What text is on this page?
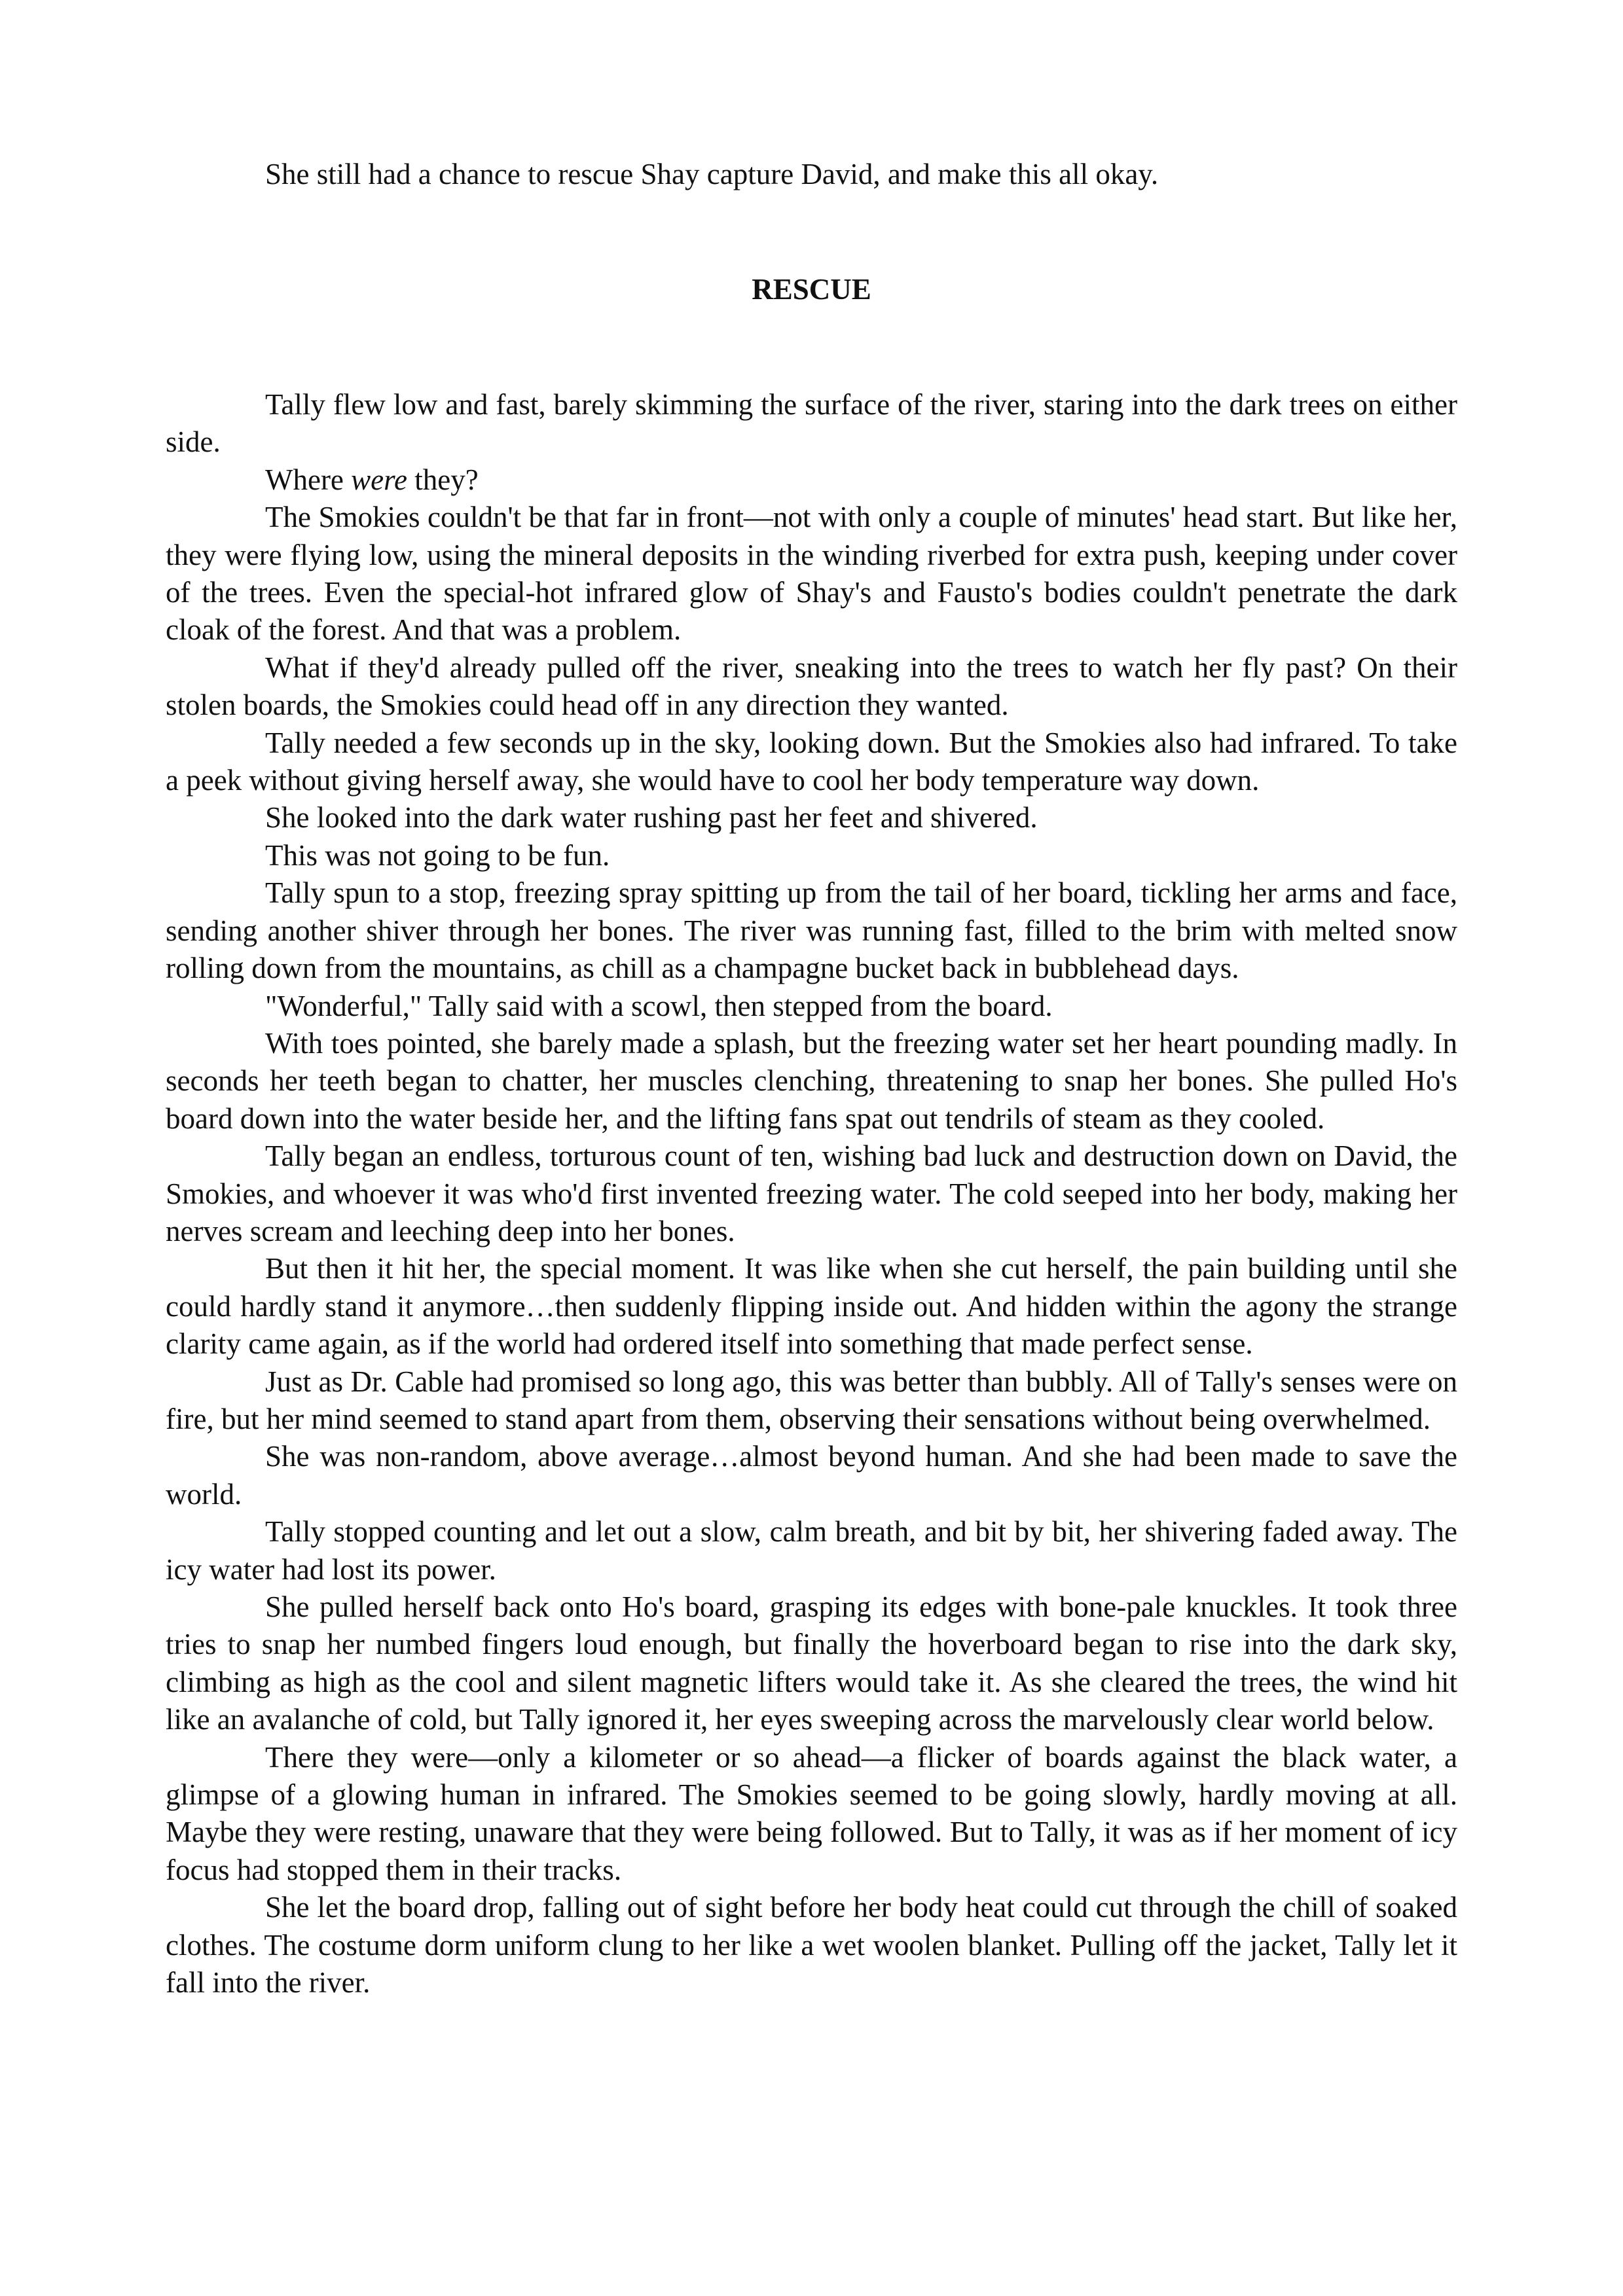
She still had a chance to rescue Shay capture David, and make this all okay.

RESCUE

Tally flew low and fast, barely skimming the surface of the river, staring into the dark trees on either side.

Where were they?

The Smokies couldn't be that far in front—not with only a couple of minutes' head start. But like her, they were flying low, using the mineral deposits in the winding riverbed for extra push, keeping under cover of the trees. Even the special-hot infrared glow of Shay's and Fausto's bodies couldn't penetrate the dark cloak of the forest. And that was a problem.

What if they'd already pulled off the river, sneaking into the trees to watch her fly past? On their stolen boards, the Smokies could head off in any direction they wanted.

Tally needed a few seconds up in the sky, looking down. But the Smokies also had infrared. To take a peek without giving herself away, she would have to cool her body temperature way down.

She looked into the dark water rushing past her feet and shivered.

This was not going to be fun.

Tally spun to a stop, freezing spray spitting up from the tail of her board, tickling her arms and face, sending another shiver through her bones. The river was running fast, filled to the brim with melted snow rolling down from the mountains, as chill as a champagne bucket back in bubblehead days.

"Wonderful," Tally said with a scowl, then stepped from the board.

With toes pointed, she barely made a splash, but the freezing water set her heart pounding madly. In seconds her teeth began to chatter, her muscles clenching, threatening to snap her bones. She pulled Ho's board down into the water beside her, and the lifting fans spat out tendrils of steam as they cooled.

Tally began an endless, torturous count of ten, wishing bad luck and destruction down on David, the Smokies, and whoever it was who'd first invented freezing water. The cold seeped into her body, making her nerves scream and leeching deep into her bones.

But then it hit her, the special moment. It was like when she cut herself, the pain building until she could hardly stand it anymore…then suddenly flipping inside out. And hidden within the agony the strange clarity came again, as if the world had ordered itself into something that made perfect sense.

Just as Dr. Cable had promised so long ago, this was better than bubbly. All of Tally's senses were on fire, but her mind seemed to stand apart from them, observing their sensations without being overwhelmed.

She was non-random, above average…almost beyond human. And she had been made to save the world.

Tally stopped counting and let out a slow, calm breath, and bit by bit, her shivering faded away. The icy water had lost its power.

She pulled herself back onto Ho's board, grasping its edges with bone-pale knuckles. It took three tries to snap her numbed fingers loud enough, but finally the hoverboard began to rise into the dark sky, climbing as high as the cool and silent magnetic lifters would take it. As she cleared the trees, the wind hit like an avalanche of cold, but Tally ignored it, her eyes sweeping across the marvelously clear world below.

There they were—only a kilometer or so ahead—a flicker of boards against the black water, a glimpse of a glowing human in infrared. The Smokies seemed to be going slowly, hardly moving at all. Maybe they were resting, unaware that they were being followed. But to Tally, it was as if her moment of icy focus had stopped them in their tracks.

She let the board drop, falling out of sight before her body heat could cut through the chill of soaked clothes. The costume dorm uniform clung to her like a wet woolen blanket. Pulling off the jacket, Tally let it fall into the river.
